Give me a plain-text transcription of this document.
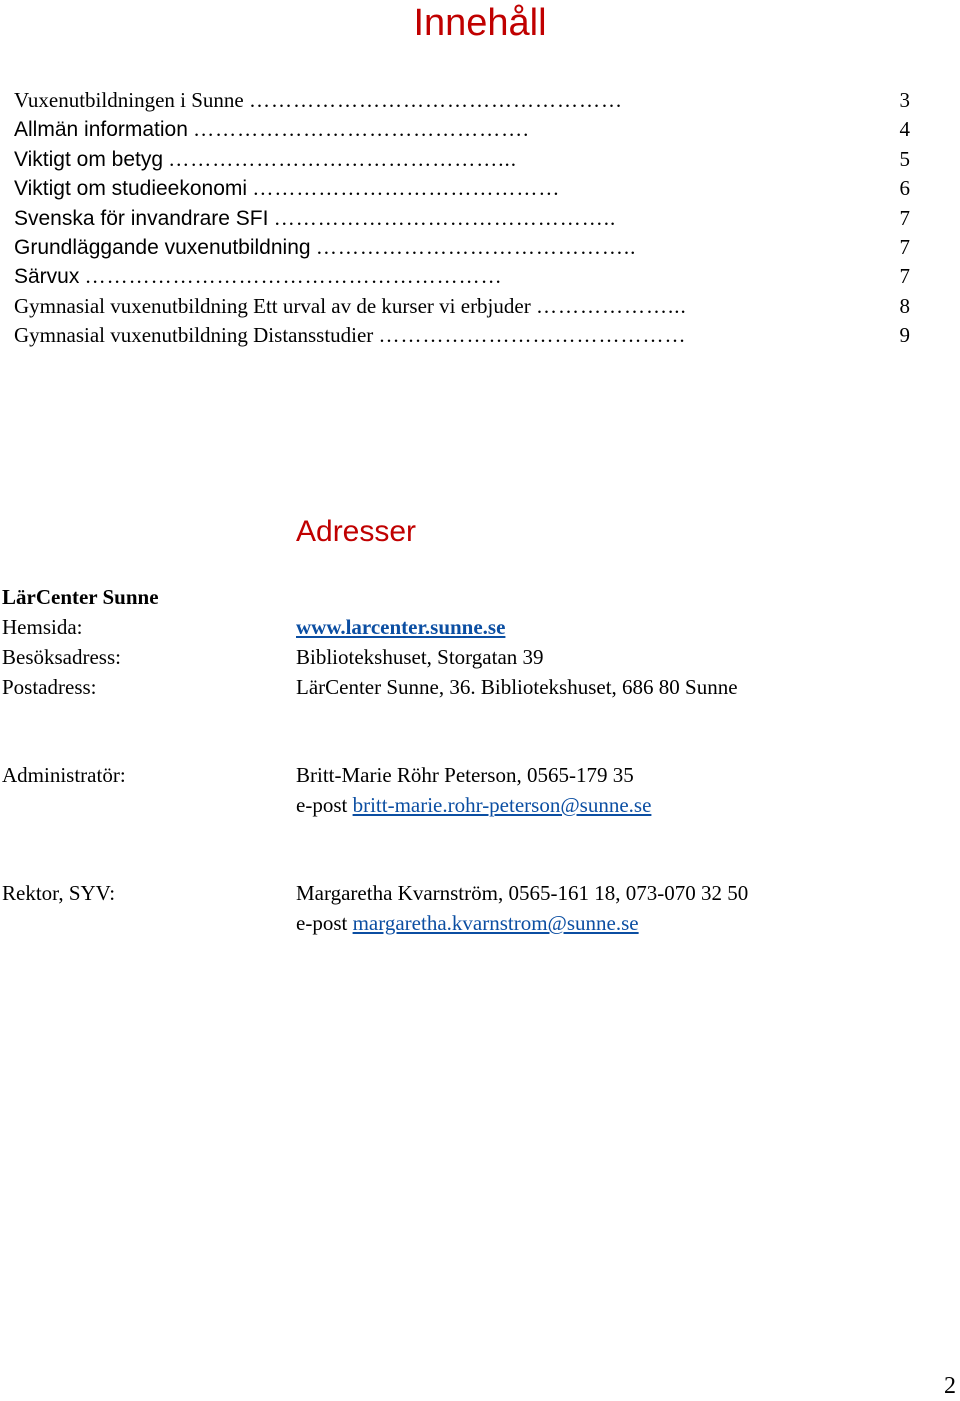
Innehåll
Vuxenutbildningen i Sunne ……………………………………………	3
Allmän information ……………………………………….	4
Viktigt om betyg ………………………………………...	5
Viktigt om studieekonomi ……………………………………	6
Svenska för invandrare SFI ………………………………………..	7
Grundläggande vuxenutbildning ……………………………………..	7
Särvux …………………………………………………	7
Gymnasial vuxenutbildning Ett urval av de kurser vi erbjuder ………………...	8
Gymnasial vuxenutbildning Distansstudier ……………………………………	9
Adresser
LärCenter Sunne
Hemsida:	www.larcenter.sunne.se
Besöksadress:	Bibliotekshuset, Storgatan 39
Postadress:	LärCenter Sunne, 36. Bibliotekshuset, 686 80 Sunne
Administratör:	Britt-Marie Röhr Peterson, 0565-179 35
e-post britt-marie.rohr-peterson@sunne.se
Rektor, SYV:	Margaretha Kvarnström, 0565-161 18, 073-070 32 50
e-post margaretha.kvarnstrom@sunne.se
2
